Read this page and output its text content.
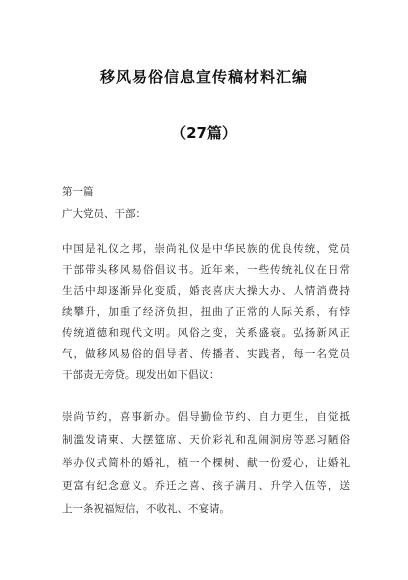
移风易俗信息宣传稿材料汇编
（27篇）
第一篇
广大党员、干部：
中国是礼仪之邦，崇尚礼仪是中华民族的优良传统，党员
干部带头移风易俗倡议书。近年来，一些传统礼仪在日常
生活中却逐渐异化变质，婚丧喜庆大操大办、人情消费持
续攀升，加重了经济负担，扭曲了正常的人际关系，有悖
传统道德和现代文明。风俗之变，关系盛衰。弘扬新风正
气，做移风易俗的倡导者、传播者、实践者，每一名党员
干部责无旁贷。现发出如下倡议：
崇尚节约，喜事新办。倡导勤俭节约、自力更生，自觉抵
制滥发请柬、大摆筵席、天价彩礼和乱闹洞房等恶习陋俗
举办仪式简朴的婚礼，植一个棵树、献一份爱心，让婚礼
更富有纪念意义。乔迁之喜、孩子满月、升学入伍等，送
上一条祝福短信，不收礼、不宴请。
